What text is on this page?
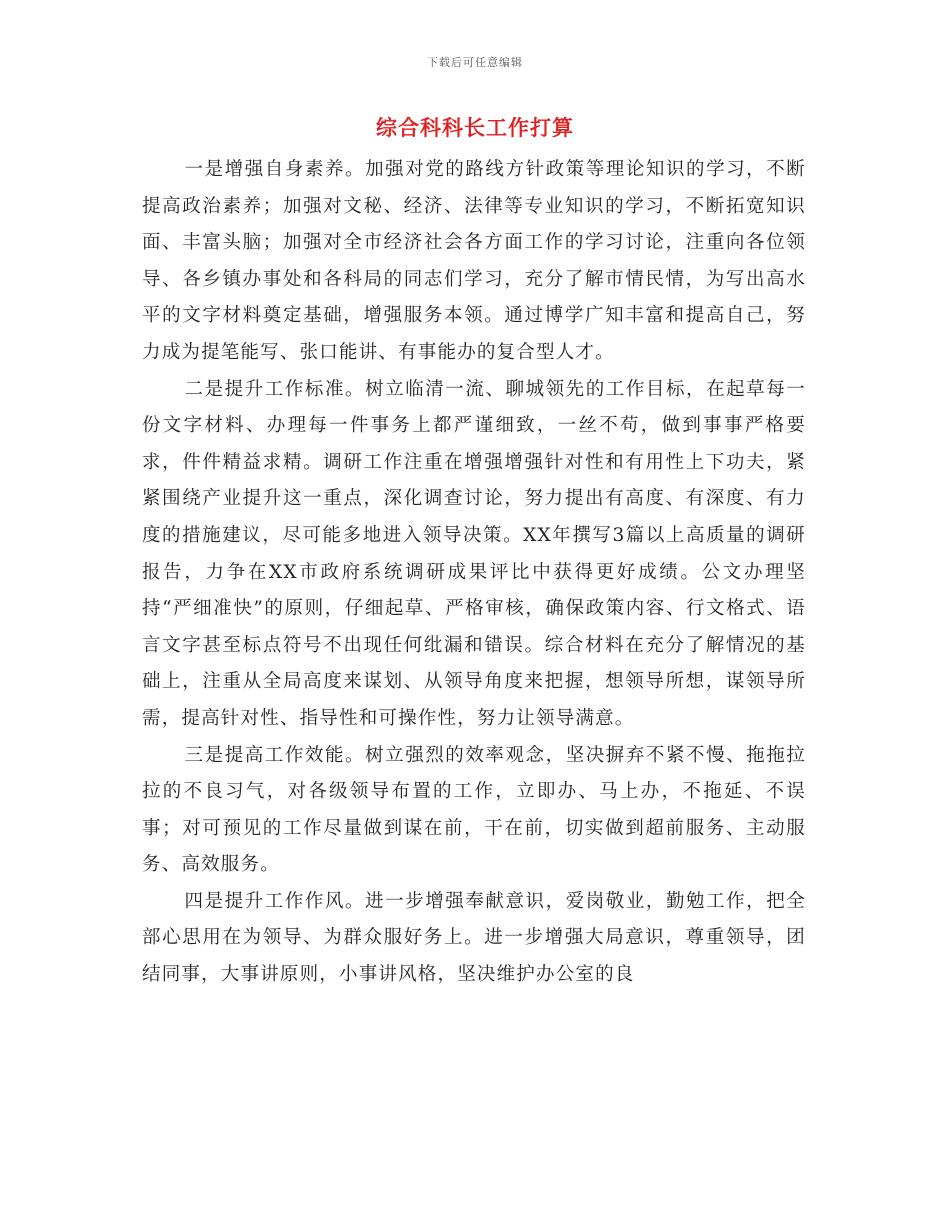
下载后可任意编辑
综合科科长工作打算

一是增强自身素养。加强对党的路线方针政策等理论知识的学习，不断提高政治素养；加强对文秘、经济、法律等专业知识的学习，不断拓宽知识面、丰富头脑；加强对全市经济社会各方面工作的学习讨论，注重向各位领导、各乡镇办事处和各科局的同志们学习，充分了解市情民情，为写出高水平的文字材料奠定基础，增强服务本领。通过博学广知丰富和提高自己，努力成为提笔能写、张口能讲、有事能办的复合型人才。

二是提升工作标准。树立临清一流、聊城领先的工作目标，在起草每一份文字材料、办理每一件事务上都严谨细致，一丝不苟，做到事事严格要求，件件精益求精。调研工作注重在增强增强针对性和有用性上下功夫，紧紧围绕产业提升这一重点，深化调查讨论，努力提出有高度、有深度、有力度的措施建议，尽可能多地进入领导决策。XX年撰写3篇以上高质量的调研报告，力争在XX市政府系统调研成果评比中获得更好成绩。公文办理坚持“严细准快”的原则，仔细起草、严格审核，确保政策内容、行文格式、语言文字甚至标点符号不出现任何纰漏和错误。综合材料在充分了解情况的基础上，注重从全局高度来谋划、从领导角度来把握，想领导所想，谋领导所需，提高针对性、指导性和可操作性，努力让领导满意。

三是提高工作效能。树立强烈的效率观念，坚决摒弃不紧不慢、拖拖拉拉的不良习气，对各级领导布置的工作，立即办、马上办，不拖延、不误事；对可预见的工作尽量做到谋在前，干在前，切实做到超前服务、主动服务、高效服务。

四是提升工作作风。进一步增强奉献意识，爱岗敬业，勤勉工作，把全部心思用在为领导、为群众服好务上。进一步增强大局意识，尊重领导，团结同事，大事讲原则，小事讲风格，坚决维护办公室的良
